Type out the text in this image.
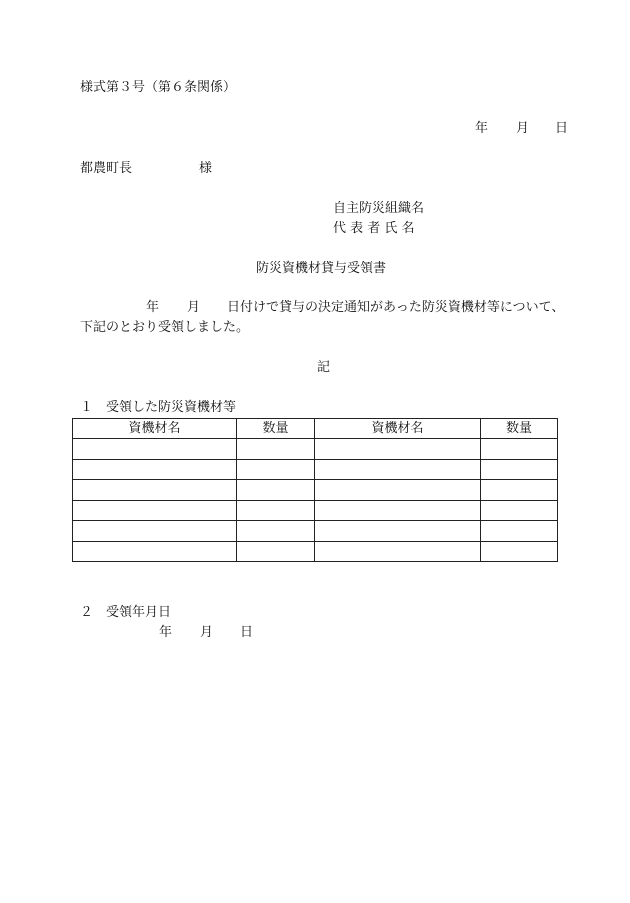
様式第３号（第６条関係）
年 月 日
都農町長	様
自主防災組織名
代 表 者 氏 名
防災資機材貸与受領書
年 月 日付けで貸与の決定通知があった防災資機材等について、
下記のとおり受領しました。
記
１　受領した防災資機材等
資機材名	数量	資機材名	数量

２　受領年月日
年 月 日
